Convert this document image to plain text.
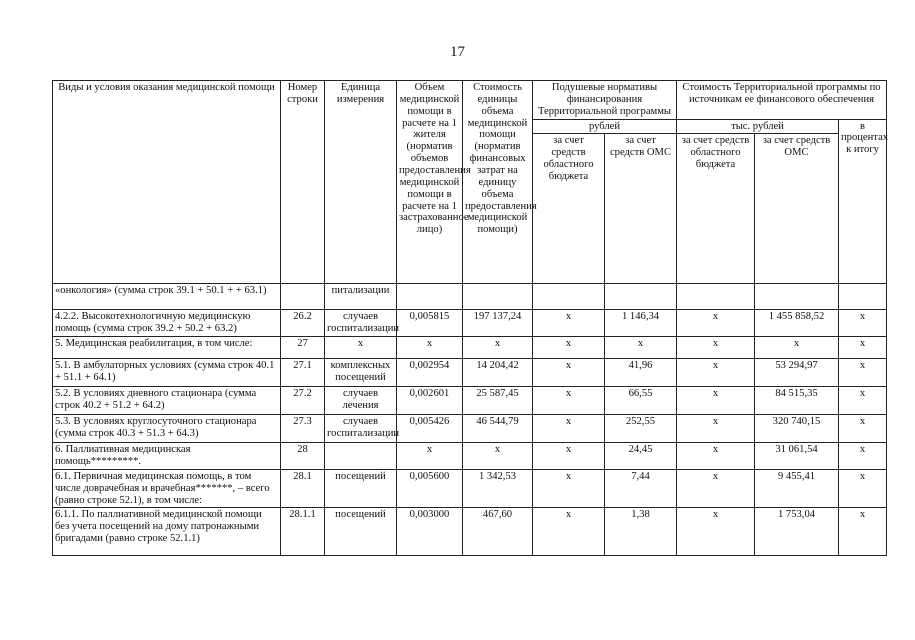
17
Виды и условия оказания медицинской помощи	Номер строки	Единица измерения	Объем медицинской помощи в расчете на 1 жителя (норматив объемов предоставления медицинской помощи в расчете на 1 застрахованное лицо)	Стоимость единицы объема медицинской помощи (норматив финансовых затрат на единицу объема предоставления медицинской помощи)	Подушевые нормативы финансирования Территориальной программы		Стоимость Территориальной программы по источникам ее финансового обеспечения		
					рублей		тыс. рублей		в процентах к итогу
					за счет средств областного бюджета	за счет средств ОМС	за счет средств областного бюджета	за счет средств ОМС	
«онкология» (сумма строк 39.1 + 50.1 + + 63.1)		питализации							
4.2.2. Высокотехнологичную медицинскую помощь (сумма строк 39.2 + 50.2 + 63.2)	26.2	случаев госпитализации	0,005815	197 137,24	х	1 146,34	х	1 455 858,52	х
5. Медицинская реабилитация, в том числе:	27	х	х	х	х	х	х	х	х
5.1. В амбулаторных условиях (сумма строк 40.1 + 51.1 + 64.1)	27.1	комплексных посещений	0,002954	14 204,42	х	41,96	х	53 294,97	х
5.2. В условиях дневного стационара (сумма строк 40.2 + 51.2 + 64.2)	27.2	случаев лечения	0,002601	25 587,45	х	66,55	х	84 515,35	х
5.3. В условиях круглосуточного стационара (сумма строк 40.3 + 51.3 + 64.3)	27.3	случаев госпитализации	0,005426	46 544,79	х	252,55	х	320 740,15	х
6. Паллиативная медицинская помощь*********.	28		х	х	х	24,45	х	31 061,54	х
6.1. Первичная медицинская помощь, в том числе доврачебная и врачебная*******, – всего (равно строке 52.1), в том числе:	28.1	посещений	0,005600	1 342,53	х	7,44	х	9 455,41	х
6.1.1. По паллиативной медицинской помощи без учета посещений на дому патронажными бригадами (равно строке 52.1.1)	28.1.1	посещений	0,003000	467,60	х	1,38	х	1 753,04	х
